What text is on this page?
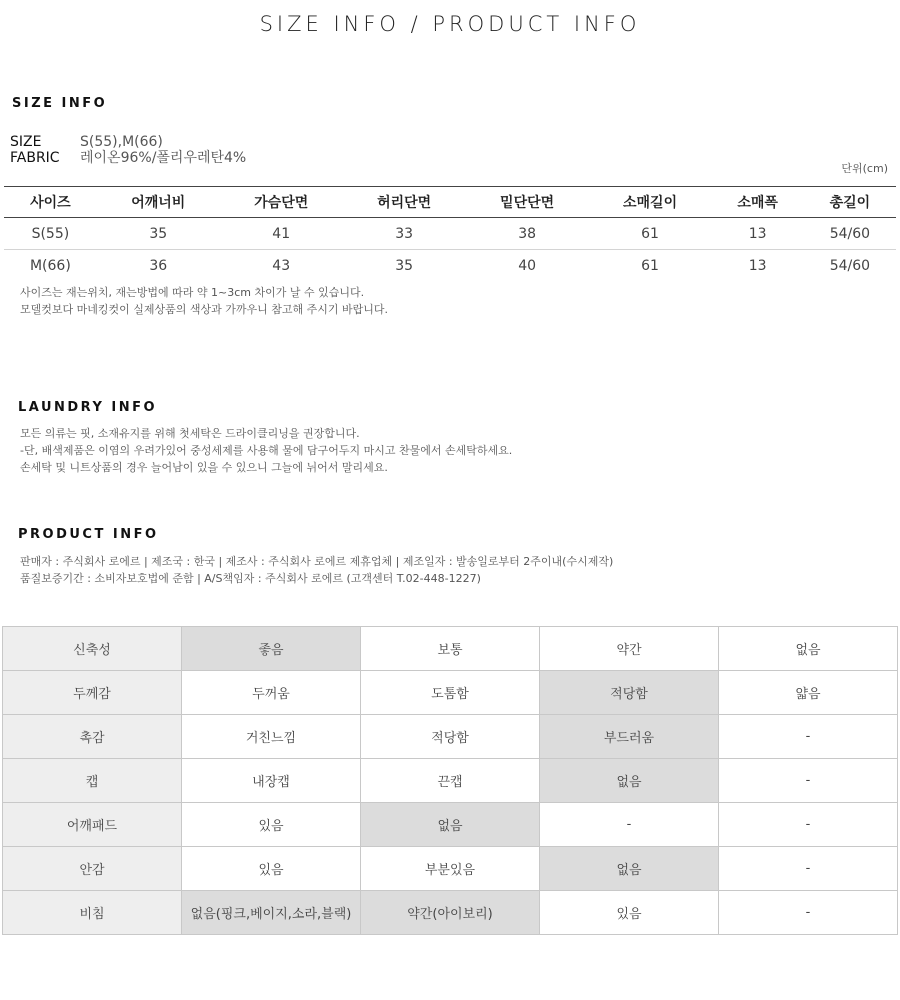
SIZE INFO / PRODUCT INFO
SIZE INFO
SIZE	S(55),M(66)
FABRIC 레이온96%/폴리우레탄4%
단위(cm)
사이즈	어깨너비	가슴단면	허리단면	밑단단면	소매길이	소매폭	총길이
S(55)	35	41	33	38	61	13	54/60
M(66)	36	43	35	40	61	13	54/60
사이즈는 재는위치, 재는방법에 따라 약 1~3cm 차이가 날 수 있습니다.
모델컷보다 마네킹컷이 실제상품의 색상과 가까우니 참고해 주시기 바랍니다.
LAUNDRY INFO
모든 의류는 핏, 소재유지를 위해 첫세탁은 드라이클리닝을 권장합니다.
-단, 배색제품은 이염의 우려가있어 중성세제를 사용해 물에 담구어두지 마시고 찬물에서 손세탁하세요.
손세탁 및 니트상품의 경우 늘어남이 있을 수 있으니 그늘에 뉘어서 말리세요.
PRODUCT INFO
판매자 : 주식회사 로에르 | 제조국 : 한국 | 제조사 : 주식회사 로에르 제휴업체 | 제조일자 : 발송일로부터 2주이내(수시제작)
품질보증기간 : 소비자보호법에 준함 | A/S책임자 : 주식회사 로에르 (고객센터 T.02-448-1227)
신축성	좋음	보통	약간	없음
두께감	두꺼움	도톰함	적당함	얇음
촉감	거친느낌	적당함	부드러움	-
캡	내장캡	끈캡	없음	-
어깨패드	있음	없음	-	-
안감	있음	부분있음	없음	-
비침	없음(핑크,베이지,소라,블랙)	약간(아이보리)	있음	-
